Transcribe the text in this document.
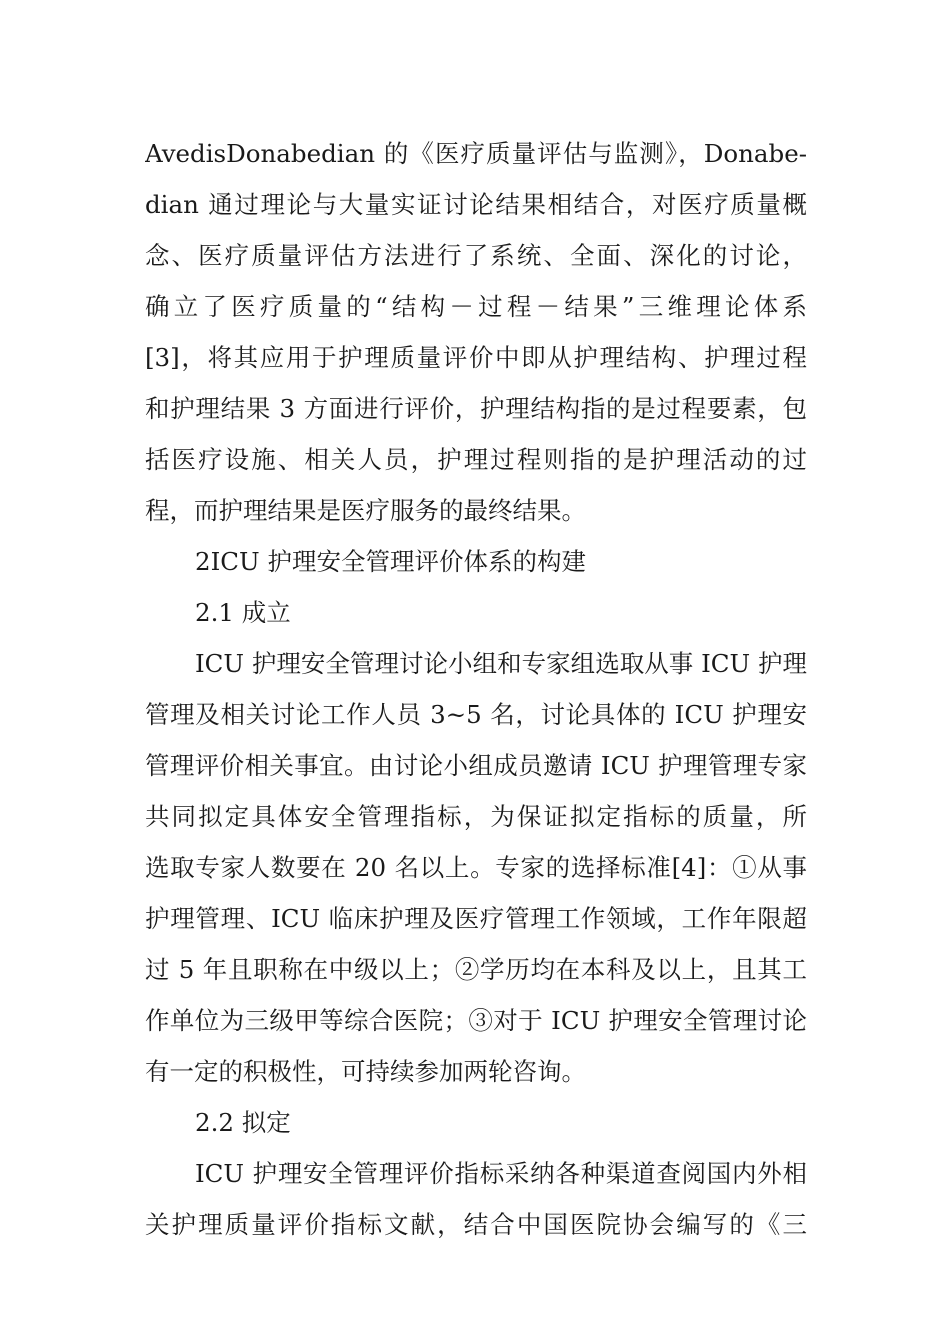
AvedisDonabedian 的《医疗质量评估与监测》，Donabe-
dian 通过理论与大量实证讨论结果相结合，对医疗质量概
念、医疗质量评估方法进行了系统、全面、深化的讨论，
确立了医疗质量的“结构－过程－结果”三维理论体系
[3]，将其应用于护理质量评价中即从护理结构、护理过程
和护理结果 3 方面进行评价，护理结构指的是过程要素，包
括医疗设施、相关人员，护理过程则指的是护理活动的过
程，而护理结果是医疗服务的最终结果。
2ICU 护理安全管理评价体系的构建
2.1 成立
ICU 护理安全管理讨论小组和专家组选取从事 ICU 护理
管理及相关讨论工作人员 3~5 名，讨论具体的 ICU 护理安
管理评价相关事宜。由讨论小组成员邀请 ICU 护理管理专家
共同拟定具体安全管理指标，为保证拟定指标的质量，所
选取专家人数要在 20 名以上。专家的选择标准[4]：①从事
护理管理、ICU 临床护理及医疗管理工作领域，工作年限超
过 5 年且职称在中级以上；②学历均在本科及以上，且其工
作单位为三级甲等综合医院；③对于 ICU 护理安全管理讨论
有一定的积极性，可持续参加两轮咨询。
2.2 拟定
ICU 护理安全管理评价指标采纳各种渠道查阅国内外相
关护理质量评价指标文献，结合中国医院协会编写的《三
